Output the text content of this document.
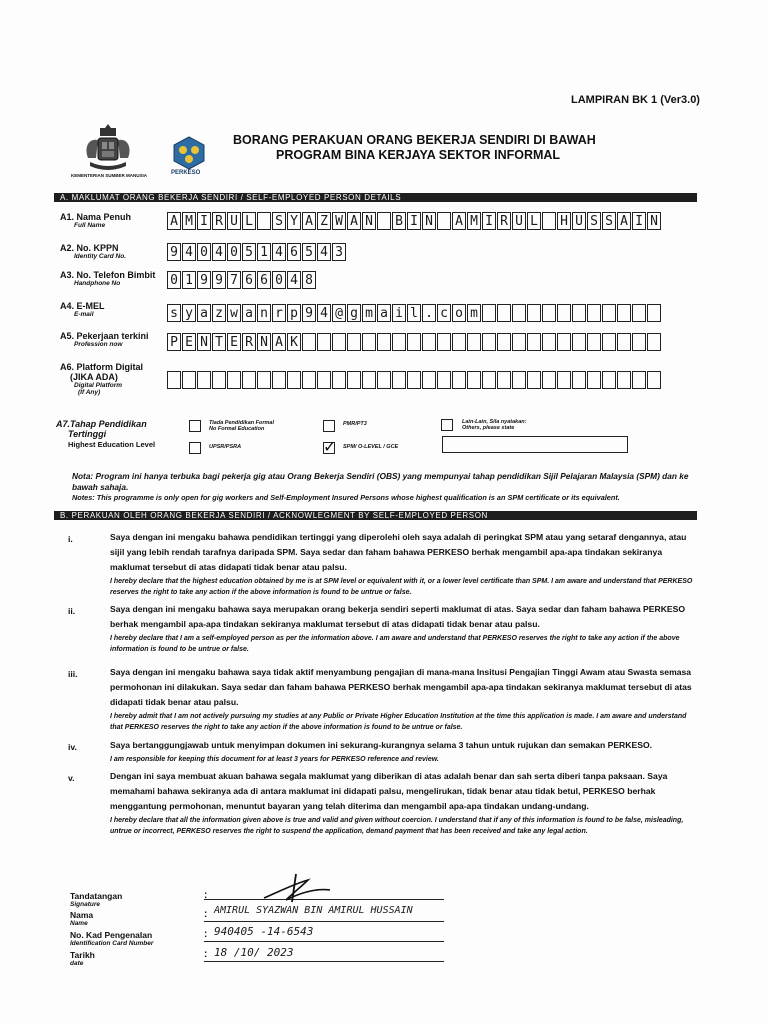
LAMPIRAN BK 1 (Ver3.0)
KEMENTERIAN SUMBER MANUSIA	PERKESO
BORANG PERAKUAN ORANG BEKERJA SENDIRI DI BAWAH
PROGRAM BINA KERJAYA SEKTOR INFORMAL
A. MAKLUMAT ORANG BEKERJA SENDIRI / SELF-EMPLOYED PERSON DETAILS
A1. Nama Penuh
Full Name	A M I R U L S Y A Z W A N B I N A M I R U L H U S S A I N
A2. No. KPPN
Identity Card No.	9 4 0 4 0 5 1 4 6 5 4 3
A3. No. Telefon Bimbit
Handphone No	0 1 9 9 7 6 6 0 4 8
A4. E-MEL
E-mail	s y a z w a n r p 9 4 @ g m a i l . c o m
A5. Pekerjaan terkini
Profession now	P E N T E R N A K
A6. Platform Digital
(JIKA ADA)
Digital Platform
(If Any)
A7.Tahap Pendidikan
Tertinggi
Highest Education Level
Tiada Pendidikan Formal
No Formal Education
PMR/PT3	Lain-Lain, Sila nyatakan:
Others, please state
UPSR/PSRA	✓ SPM/ O-LEVEL / GCE
Nota: Program ini hanya terbuka bagi pekerja gig atau Orang Bekerja Sendiri (OBS) yang mempunyai tahap pendidikan Sijil Pelajaran Malaysia (SPM) dan ke bawah sahaja.
Notes: This programme is only open for gig workers and Self-Employment Insured Persons whose highest qualification is an SPM certificate or its equivalent.
B. PERAKUAN OLEH ORANG BEKERJA SENDIRI / ACKNOWLEGMENT BY SELF-EMPLOYED PERSON
i.	Saya dengan ini mengaku bahawa pendidikan tertinggi yang diperolehi oleh saya adalah di peringkat SPM atau yang setaraf dengannya, atau sijil yang lebih rendah tarafnya daripada SPM. Saya sedar dan faham bahawa PERKESO berhak mengambil apa-apa tindakan sekiranya maklumat tersebut di atas didapati tidak benar atau palsu.
I hereby declare that the highest education obtained by me is at SPM level or equivalent with it, or a lower level certificate than SPM. I am aware and understand that PERKESO reserves the right to take any action if the above information is found to be untrue or false.
ii.	Saya dengan ini mengaku bahawa saya merupakan orang bekerja sendiri seperti maklumat di atas. Saya sedar dan faham bahawa PERKESO berhak mengambil apa-apa tindakan sekiranya maklumat tersebut di atas didapati tidak benar atau palsu.
I hereby declare that I am a self-employed person as per the information above. I am aware and understand that PERKESO reserves the right to take any action if the above information is found to be untrue or false.
iii.	Saya dengan ini mengaku bahawa saya tidak aktif menyambung pengajian di mana-mana Insitusi Pengajian Tinggi Awam atau Swasta semasa permohonan ini dilakukan. Saya sedar dan faham bahawa PERKESO berhak mengambil apa-apa tindakan sekiranya maklumat tersebut di atas didapati tidak benar atau palsu.
I hereby admit that I am not actively pursuing my studies at any Public or Private Higher Education Institution at the time this application is made. I am aware and understand that PERKESO reserves the right to take any action if the above information is found to be untrue or false.
iv.	Saya bertanggungjawab untuk menyimpan dokumen ini sekurang-kurangnya selama 3 tahun untuk rujukan dan semakan PERKESO.
I am responsible for keeping this document for at least 3 years for PERKESO reference and review.
v.	Dengan ini saya membuat akuan bahawa segala maklumat yang diberikan di atas adalah benar dan sah serta diberi tanpa paksaan. Saya memahami bahawa sekiranya ada di antara maklumat ini didapati palsu, mengelirukan, tidak benar atau tidak betul, PERKESO berhak menggantung permohonan, menuntut bayaran yang telah diterima dan mengambil apa-apa tindakan undang-undang.
I hereby declare that all the information given above is true and valid and given without coercion. I understand that if any of this information is found to be false, misleading, untrue or incorrect, PERKESO reserves the right to suspend the application, demand payment that has been received and take any legal action.
Tandatangan
Signature
:
Nama
Name
: AMIRUL SYAZWAN BIN AMIRUL HUSSAIN
No. Kad Pengenalan
Identification Card Number
: 940405 -14-6543
Tarikh
date
: 18 /10/ 2023
